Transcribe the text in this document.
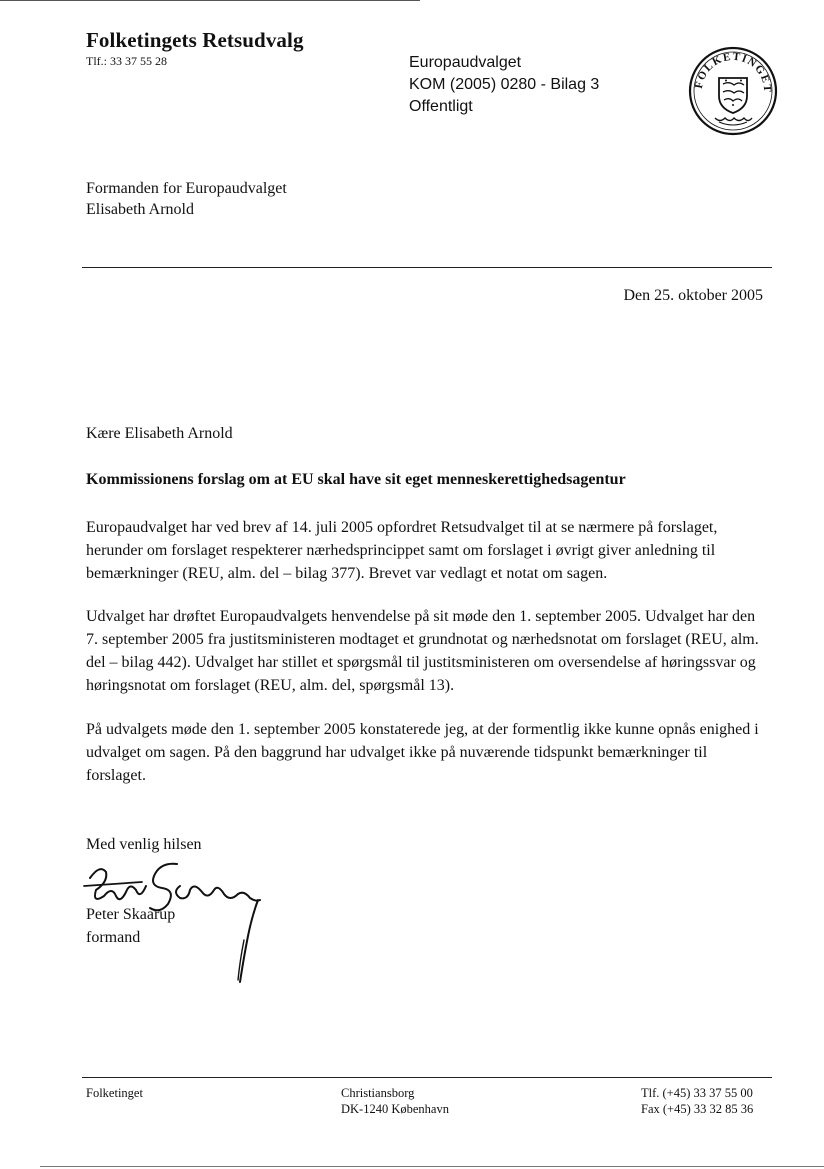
Folketingets Retsudvalg
Tlf.: 33 37 55 28	Europaudvalget
KOM (2005) 0280 - Bilag 3
Offentligt
FOLKETINGET
Formanden for Europaudvalget
Elisabeth Arnold
Den 25. oktober 2005
Kære Elisabeth Arnold
Kommissionens forslag om at EU skal have sit eget menneskerettighedsagentur

Europaudvalget har ved brev af 14. juli 2005 opfordret Retsudvalget til at se nærmere på forslaget, herunder om forslaget respekterer nærhedsprincippet samt om forslaget i øvrigt giver anledning til bemærkninger (REU, alm. del – bilag 377). Brevet var vedlagt et notat om sagen.

Udvalget har drøftet Europaudvalgets henvendelse på sit møde den 1. september 2005. Udvalget har den 7. september 2005 fra justitsministeren modtaget et grundnotat og nærhedsnotat om forslaget (REU, alm. del – bilag 442). Udvalget har stillet et spørgsmål til justitsministeren om oversendelse af høringssvar og høringsnotat om forslaget (REU, alm. del, spørgsmål 13).

På udvalgets møde den 1. september 2005 konstaterede jeg, at der formentlig ikke kunne opnås enighed i udvalget om sagen. På den baggrund har udvalget ikke på nuværende tidspunkt bemærkninger til forslaget.

Med venlig hilsen
Peter Skaarup
formand
Folketinget	Christiansborg
DK-1240 København
Tlf. (+45) 33 37 55 00
Fax (+45) 33 32 85 36
